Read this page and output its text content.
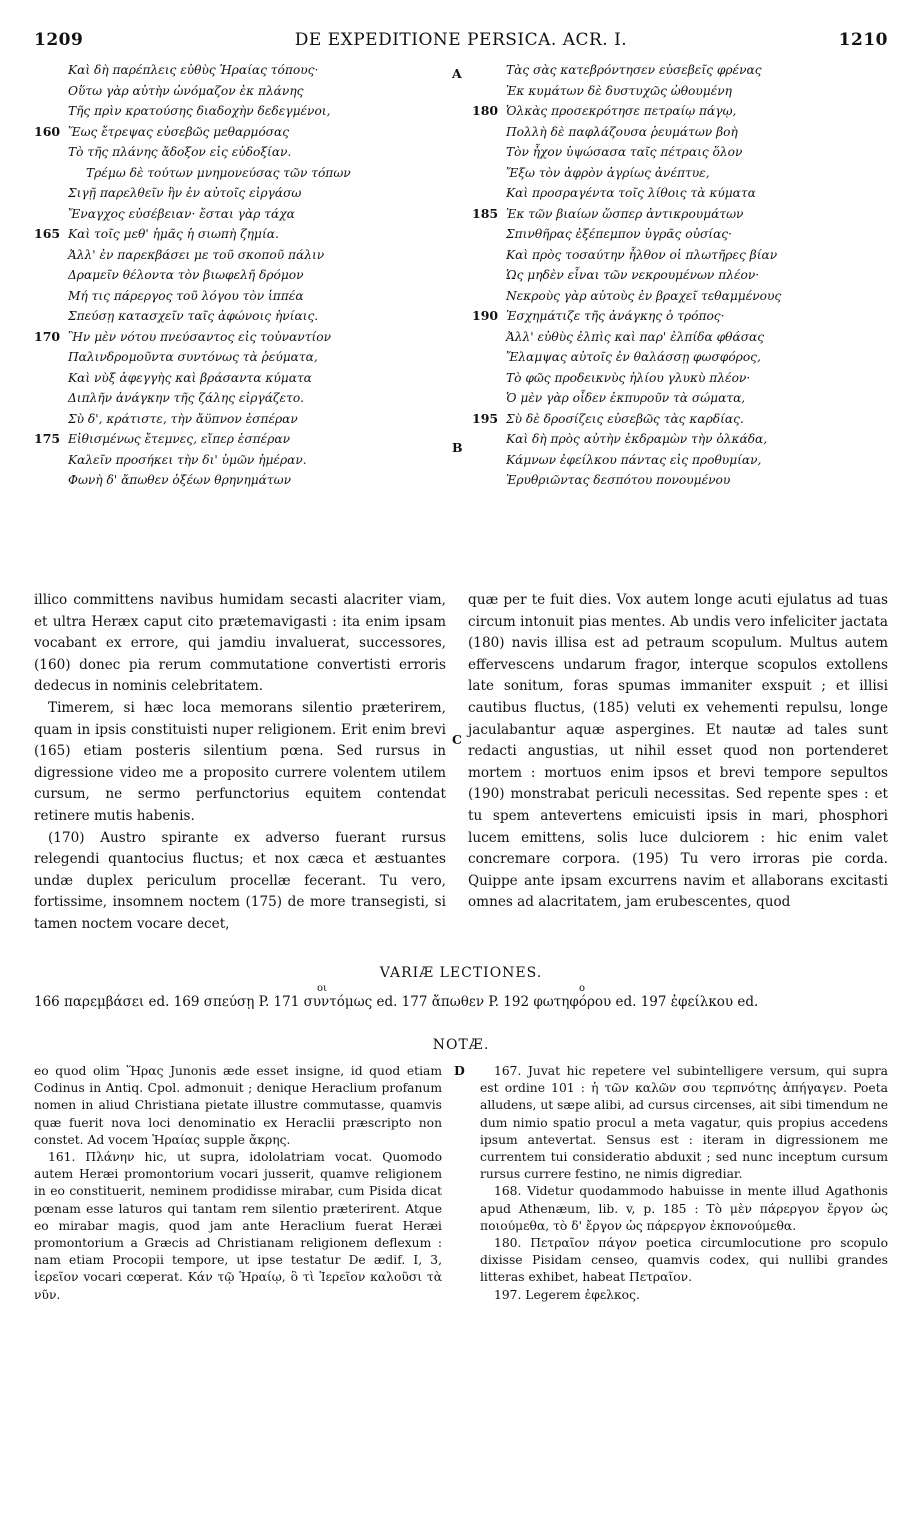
1209	DE EXPEDITIONE PERSICA. ACR. I.	1210
Καὶ δὴ παρέπλεις εὐθὺς Ἡραίας τόπους·
Οὕτω γὰρ αὐτὴν ὠνόμαζον ἐκ πλάνης
Τῆς πρὶν κρατούσης διαδοχὴν δεδεγμένοι,
160 Ἕως ἔτρεψας εὐσεβῶς μεθαρμόσας
Τὸ τῆς πλάνης ἄδοξον εἰς εὐδοξίαν.
Τρέμω δὲ τούτων μνημονεύσας τῶν τόπων
Σιγῇ παρελθεῖν ἣν ἐν αὐτοῖς εἰργάσω
Ἔναγχος εὐσέβειαν· ἔσται γὰρ τάχα
165 Καὶ τοῖς μεθ' ἡμᾶς ἡ σιωπὴ ζημία.
Ἀλλ' ἐν παρεκβάσει με τοῦ σκοποῦ πάλιν
Δραμεῖν θέλοντα τὸν βιωφελῆ δρόμον
Μή τις πάρεργος τοῦ λόγου τὸν ἱππέα
Σπεύσῃ κατασχεῖν ταῖς ἀφώνοις ἡνίαις.
170 Ἣν μὲν νότου πνεύσαντος εἰς τοὐναντίον
Παλινδρομοῦντα συντόνως τὰ ῥεύματα,
Καὶ νὺξ ἀφεγγὴς καὶ βράσαντα κύματα
Διπλῆν ἀνάγκην τῆς ζάλης εἰργάζετο.
Σὺ δ', κράτιστε, τὴν ἄϋπνον ἑσπέραν
175 Εἰθισμένως ἔτεμνες, εἴπερ ἑσπέραν
Καλεῖν προσήκει τὴν δι' ὑμῶν ἡμέραν.
Φωνὴ δ' ἄπωθεν ὀξέων θρηνημάτων
A
B
Τὰς σὰς κατεβρόντησεν εὐσεβεῖς φρένας
Ἐκ κυμάτων δὲ δυστυχῶς ὠθουμένη
180 Ὁλκὰς προσεκρότησε πετραίῳ πάγῳ,
Πολλὴ δὲ παφλάζουσα ῥευμάτων βοὴ
Τὸν ἦχον ὑψώσασα ταῖς πέτραις ὅλον
Ἔξω τὸν ἀφρὸν ἀγρίως ἀνέπτυε,
Καὶ προσραγέντα τοῖς λίθοις τὰ κύματα
185 Ἐκ τῶν βιαίων ὥσπερ ἀντικρουμάτων
Σπινθῆρας ἐξέπεμπον ὑγρᾶς οὐσίας·
Καὶ πρὸς τοσαύτην ἦλθον οἱ πλωτῆρες βίαν
Ὡς μηδὲν εἶναι τῶν νεκρουμένων πλέον·
Νεκροὺς γὰρ αὐτοὺς ἐν βραχεῖ τεθαμμένους
190 Ἐσχημάτιζε τῆς ἀνάγκης ὁ τρόπος·
Ἀλλ' εὐθὺς ἐλπὶς καὶ παρ' ἐλπίδα φθάσας
Ἔλαμψας αὐτοῖς ἐν θαλάσσῃ φωσφόρος,
Τὸ φῶς προδεικνὺς ἡλίου γλυκὺ πλέον·
Ὁ μὲν γὰρ οἶδεν ἐκπυροῦν τὰ σώματα,
195 Σὺ δὲ δροσίζεις εὐσεβῶς τὰς καρδίας.
Καὶ δὴ πρὸς αὐτὴν ἐκδραμὼν τὴν ὁλκάδα,
Κάμνων ἐφείλκου πάντας εἰς προθυμίαν,
Ἐρυθριῶντας δεσπότου πονουμένου

illico committens navibus humidam secasti alacriter viam, et ultra Heræx caput cito prætemavigasti : ita enim ipsam vocabant ex errore, qui jamdiu invaluerat, successores, (160) donec pia rerum commutatione convertisti erroris dedecus in nominis celebritatem.

Timerem, si hæc loca memorans silentio præterirem, quam in ipsis constituisti nuper religionem. Erit enim brevi (165) etiam posteris silentium pœna. Sed rursus in digressione video me a proposito currere volentem utilem cursum, ne sermo perfunctorius equitem contendat retinere mutis habenis.

(170) Austro spirante ex adverso fuerant rursus relegendi quantocius fluctus; et nox cæca et æstuantes undæ duplex periculum procellæ fecerant. Tu vero, fortissime, insomnem noctem (175) de more transegisti, si tamen noctem vocare decet,

C

quæ per te fuit dies. Vox autem longe acuti ejulatus ad tuas circum intonuit pias mentes. Ab undis vero infeliciter jactata (180) navis illisa est ad petraum scopulum. Multus autem effervescens undarum fragor, interque scopulos extollens late sonitum, foras spumas immaniter exspuit ; et illisi cautibus fluctus, (185) veluti ex vehementi repulsu, longe jaculabantur aquæ aspergines. Et nautæ ad tales sunt redacti angustias, ut nihil esset quod non portenderet mortem : mortuos enim ipsos et brevi tempore sepultos (190) monstrabat periculi necessitas. Sed repente spes : et tu spem antevertens emicuisti ipsis in mari, phosphori lucem emittens, solis luce dulciorem : hic enim valet concremare corpora. (195) Tu vero irroras pie corda. Quippe ante ipsam excurrens navim et allaborans excitasti omnes ad alacritatem, jam erubescentes, quod

VARIÆ LECTIONES.

οι	ο
166 παρεμβάσει ed. 169 σπεύσῃ P. 171 συντόμως ed. 177 ἄπωθεν P. 192 φωτηφόρου ed. 197 ἐφείλκου ed.

NOTÆ.

eo quod olim Ἥρας Junonis æde esset insigne, id quod etiam Codinus in Antiq. Cpol. admonuit ; denique Heraclium profanum nomen in aliud Christiana pietate illustre commutasse, quamvis quæ fuerit nova loci denominatio ex Heraclii præscripto non constet. Ad vocem Ἡραίας supple ἄκρης.

161. Πλάνην hic, ut supra, idololatriam vocat. Quomodo autem Heræi promontorium vocari jusserit, quamve religionem in eo constituerit, neminem prodidisse mirabar, cum Pisida dicat pœnam esse laturos qui tantam rem silentio præterirent. Atque eo mirabar magis, quod jam ante Heraclium fuerat Heræi promontorium a Græcis ad Christianam religionem deflexum : nam etiam Procopii tempore, ut ipse testatur De ædif. I, 3, ἱερεῖον vocari cœperat. Κάν τῷ Ἡραίῳ, ὃ τὶ Ἱερεῖον καλοῦσι τὰ νῦν.

D	167. Juvat hic repetere vel subintelligere versum, qui supra est ordine 101 : ἡ τῶν καλῶν σου τερπνότης ἀπήγαγεν. Poeta alludens, ut sæpe alibi, ad cursus circenses, ait sibi timendum ne dum nimio spatio procul a meta vagatur, quis propius accedens ipsum antevertat. Sensus est : iteram in digressionem me currentem tui consideratio abduxit ; sed nunc inceptum cursum rursus currere festino, ne nimis digrediar.

168. Videtur quodammodo habuisse in mente illud Agathonis apud Athenæum, lib. v, p. 185 : Τὸ μὲν πάρεργον ἔργον ὡς ποιούμεθα, τὸ δ' ἔργον ὡς πάρεργον ἐκπονούμεθα.

180. Πετραῖον πάγον poetica circumlocutione pro scopulo dixisse Pisidam censeo, quamvis codex, qui nullibi grandes litteras exhibet, habeat Πετραῖον.

197. Legerem ἐφελκος.
